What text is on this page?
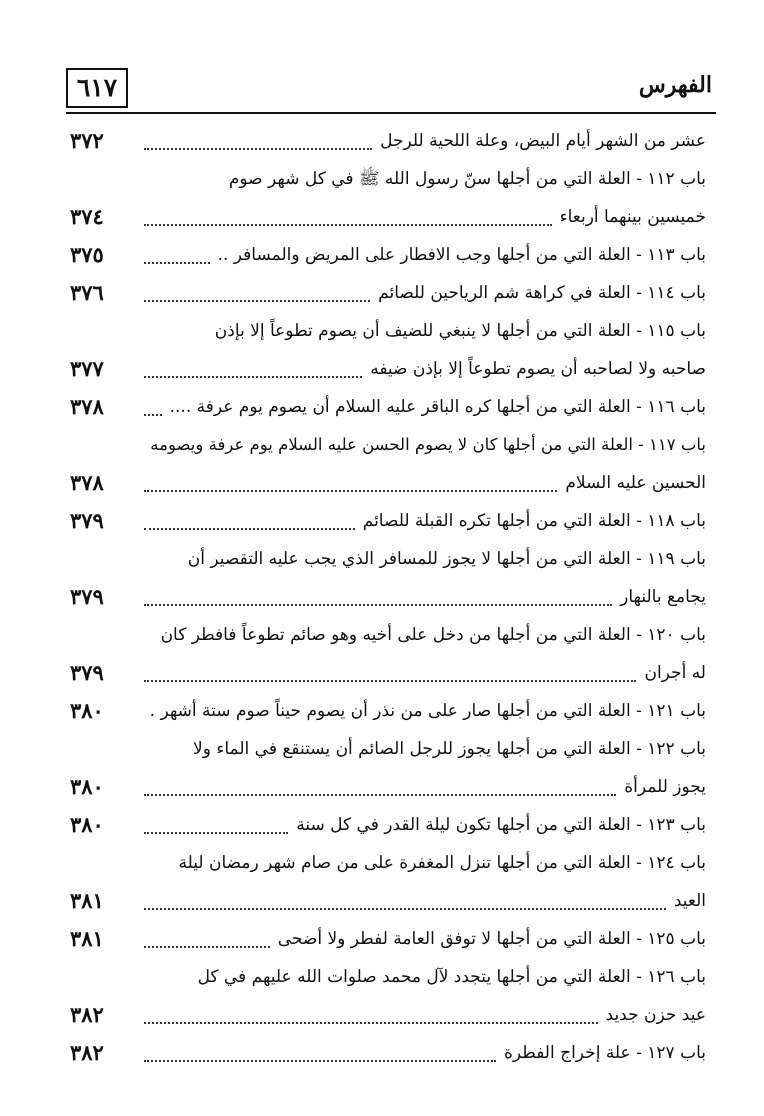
٦١٧	الفهرس
عشر من الشهر أيام البيض، وعلة اللحية للرجل
٣٧٢
باب ١١٢ - العلة التي من أجلها سنّ رسول الله ﷺ في كل شهر صوم
خميسين بينهما أربعاء
٣٧٤
باب ١١٣ - العلة التي من أجلها وجب الافطار على المريض والمسافر ..
٣٧٥
باب ١١٤ - العلة في كراهة شم الرياحين للصائم
٣٧٦
باب ١١٥ - العلة التي من أجلها لا ينبغي للضيف أن يصوم تطوعاً إلا بإذن
صاحبه ولا لصاحبه أن يصوم تطوعاً إلا بإذن ضيفه
٣٧٧
باب ١١٦ - العلة التي من أجلها كره الباقر عليه السلام أن يصوم يوم عرفة ....
٣٧٨
باب ١١٧ - العلة التي من أجلها كان لا يصوم الحسن عليه السلام يوم عرفة ويصومه
الحسين عليه السلام
٣٧٨
باب ١١٨ - العلة التي من أجلها تكره القبلة للصائم
٣٧٩
باب ١١٩ - العلة التي من أجلها لا يجوز للمسافر الذي يجب عليه التقصير أن
يجامع بالنهار
٣٧٩
باب ١٢٠ - العلة التي من أجلها من دخل على أخيه وهو صائم تطوعاً فافطر كان
له أجران
٣٧٩
باب ١٢١ - العلة التي من أجلها صار على من نذر أن يصوم حيناً صوم ستة أشهر .
٣٨٠
باب ١٢٢ - العلة التي من أجلها يجوز للرجل الصائم أن يستنقع في الماء ولا
يجوز للمرأة
٣٨٠
باب ١٢٣ - العلة التي من أجلها تكون ليلة القدر في كل سنة
٣٨٠
باب ١٢٤ - العلة التي من أجلها تنزل المغفرة على من صام شهر رمضان ليلة
العيد
٣٨١
باب ١٢٥ - العلة التي من أجلها لا توفق العامة لفطر ولا أضحى
٣٨١
باب ١٢٦ - العلة التي من أجلها يتجدد لآل محمد صلوات الله عليهم في كل
عيد حزن جديد
٣٨٢
باب ١٢٧ - علة إخراج الفطرة
٣٨٢
